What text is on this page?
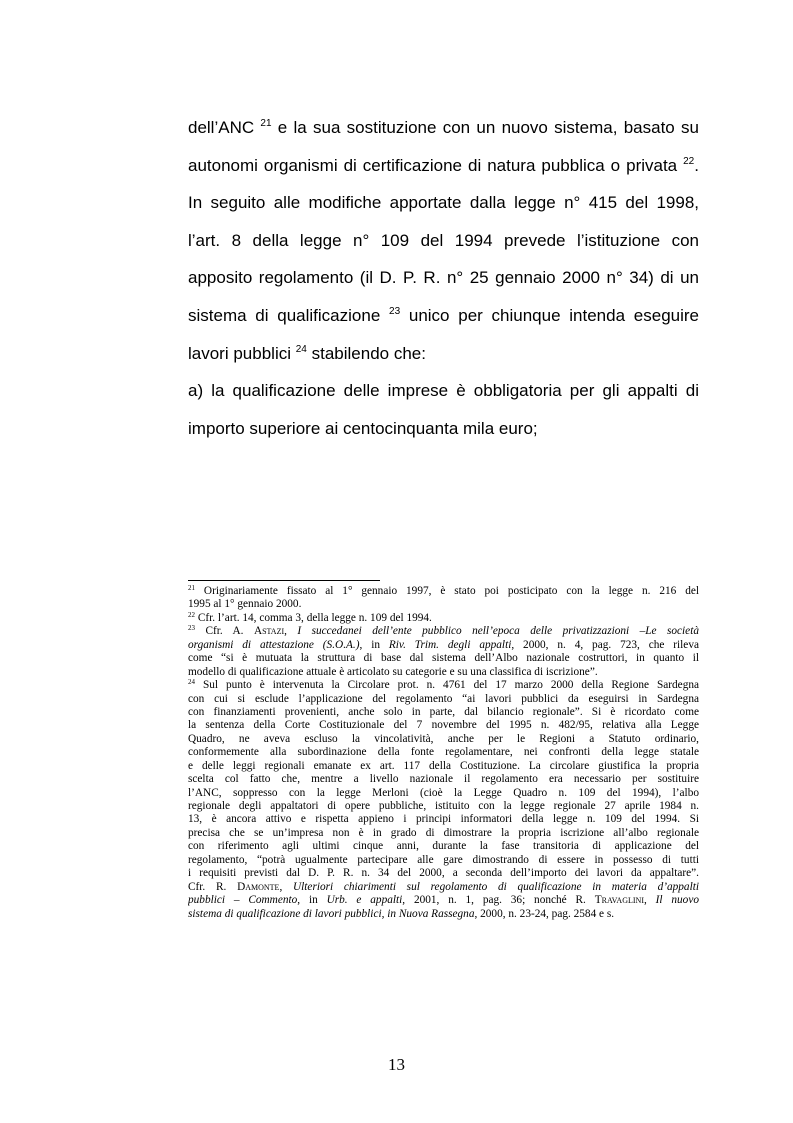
dell’ANC $^{21}$ e la sua sostituzione con un nuovo sistema, basato su
autonomi organismi di certificazione di natura pubblica o privata $^{22}$.
In seguito alle modifiche apportate dalla legge n° 415 del 1998,
l’art. 8 della legge n° 109 del 1994 prevede l’istituzione con
apposito regolamento (il D. P. R. n° 25 gennaio 2000 n° 34) di un
sistema di qualificazione $^{23}$ unico per chiunque intenda eseguire
lavori pubblici $^{24}$ stabilendo che:
a) la qualificazione delle imprese è obbligatoria per gli appalti di
importo superiore ai centocinquanta mila euro;
$^{21}$ Originariamente fissato al 1° gennaio 1997, è stato poi posticipato con la legge n. 216 del
1995 al 1° gennaio 2000.
$^{22}$ Cfr. l’art. 14, comma 3, della legge n. 109 del 1994.
$^{23}$ Cfr. A. Astazi, I succedanei dell’ente pubblico nell’epoca delle privatizzazioni –Le società
organismi di attestazione (S.O.A.), in Riv. Trim. degli appalti, 2000, n. 4, pag. 723, che rileva
come “si è mutuata la struttura di base dal sistema dell’Albo nazionale costruttori, in quanto il
modello di qualificazione attuale è articolato su categorie e su una classifica di iscrizione”.
$^{24}$ Sul punto è intervenuta la Circolare prot. n. 4761 del 17 marzo 2000 della Regione Sardegna
con cui si esclude l’applicazione del regolamento “ai lavori pubblici da eseguirsi in Sardegna
con finanziamenti provenienti, anche solo in parte, dal bilancio regionale”. Si è ricordato come
la sentenza della Corte Costituzionale del 7 novembre del 1995 n. 482/95, relativa alla Legge
Quadro, ne aveva escluso la vincolatività, anche per le Regioni a Statuto ordinario,
conformemente alla subordinazione della fonte regolamentare, nei confronti della legge statale
e delle leggi regionali emanate ex art. 117 della Costituzione. La circolare giustifica la propria
scelta col fatto che, mentre a livello nazionale il regolamento era necessario per sostituire
l’ANC, soppresso con la legge Merloni (cioè la Legge Quadro n. 109 del 1994), l’albo
regionale degli appaltatori di opere pubbliche, istituito con la legge regionale 27 aprile 1984 n.
13, è ancora attivo e rispetta appieno i principi informatori della legge n. 109 del 1994. Si
precisa che se un’impresa non è in grado di dimostrare la propria iscrizione all’albo regionale
con riferimento agli ultimi cinque anni, durante la fase transitoria di applicazione del
regolamento, “potrà ugualmente partecipare alle gare dimostrando di essere in possesso di tutti
i requisiti previsti dal D. P. R. n. 34 del 2000, a seconda dell’importo dei lavori da appaltare”.
Cfr. R. Damonte, Ulteriori chiarimenti sul regolamento di qualificazione in materia d’appalti
pubblici – Commento, in Urb. e appalti, 2001, n. 1, pag. 36; nonché R. Travaglini, Il nuovo
sistema di qualificazione di lavori pubblici, in Nuova Rassegna, 2000, n. 23-24, pag. 2584 e s.
13
